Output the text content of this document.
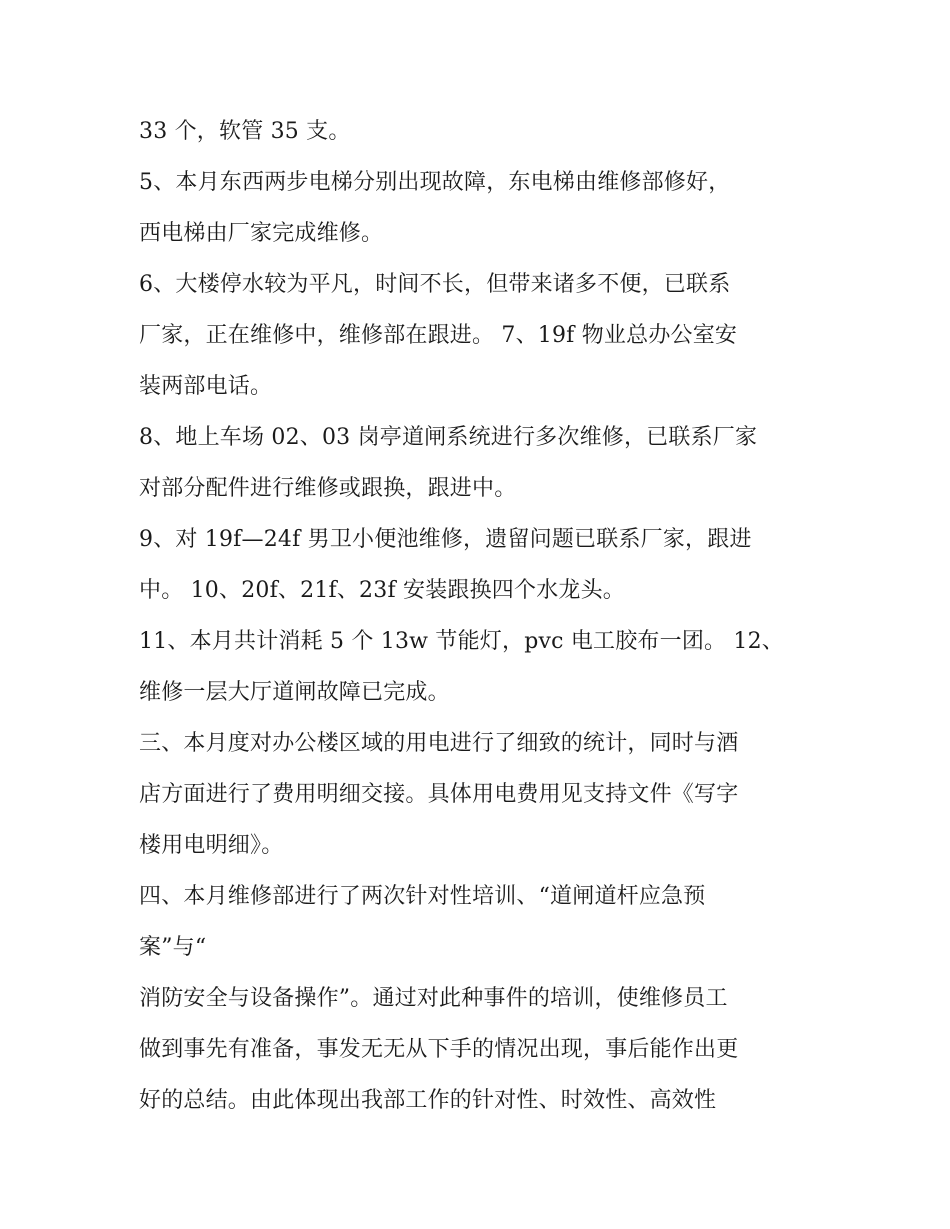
33 个，软管 35 支。
5、本月东西两步电梯分别出现故障，东电梯由维修部修好，
西电梯由厂家完成维修。
6、大楼停水较为平凡，时间不长，但带来诸多不便，已联系
厂家，正在维修中，维修部在跟进。 7、19f 物业总办公室安
装两部电话。
8、地上车场 02、03 岗亭道闸系统进行多次维修，已联系厂家
对部分配件进行维修或跟换，跟进中。
9、对 19f—24f 男卫小便池维修，遗留问题已联系厂家，跟进
中。 10、20f、21f、23f 安装跟换四个水龙头。
11、本月共计消耗 5 个 13w 节能灯，pvc 电工胶布一团。 12、
维修一层大厅道闸故障已完成。
三、本月度对办公楼区域的用电进行了细致的统计，同时与酒
店方面进行了费用明细交接。具体用电费用见支持文件《写字
楼用电明细》。
四、本月维修部进行了两次针对性培训、“道闸道杆应急预
案”与“
消防安全与设备操作”。通过对此种事件的培训，使维修员工
做到事先有准备，事发无无从下手的情况出现，事后能作出更
好的总结。由此体现出我部工作的针对性、时效性、高效性
